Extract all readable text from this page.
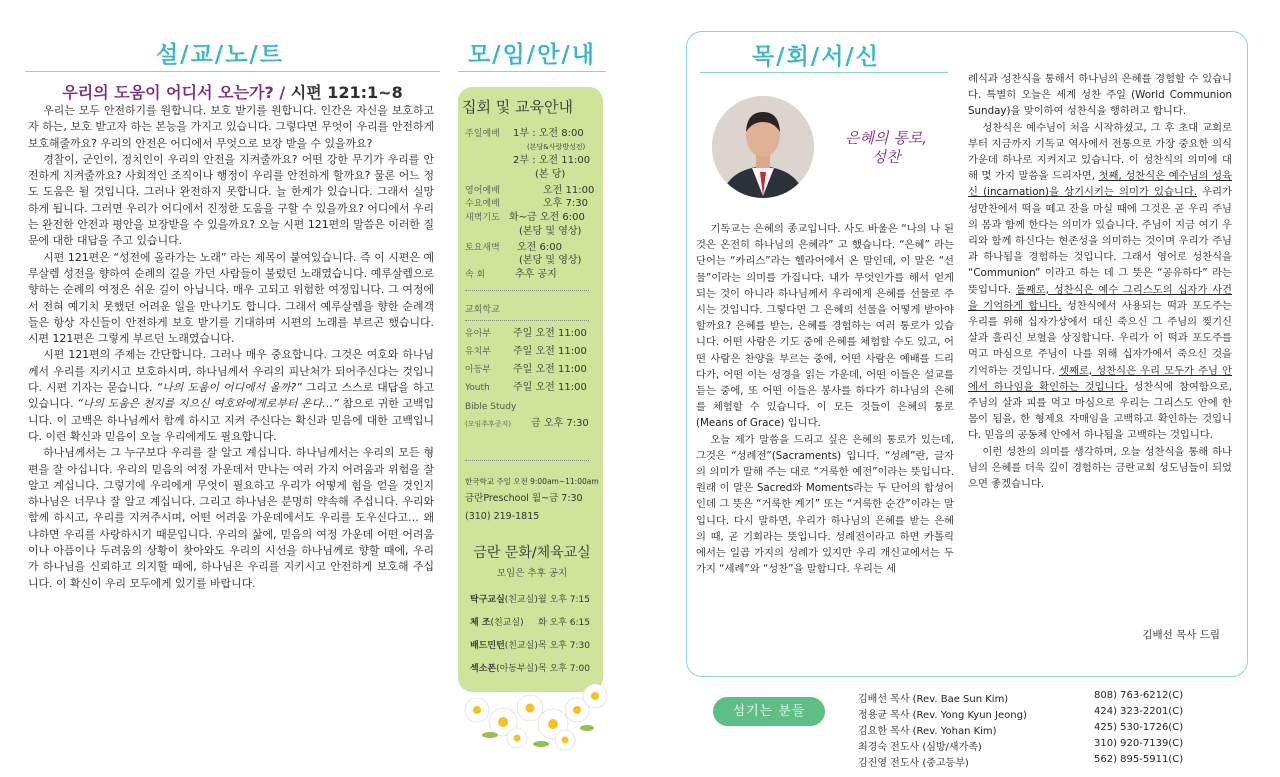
설/교/노/트
우리의 도움이 어디서 오는가? / 시편 121:1~8

우리는 모두 안전하기를 원합니다. 보호 받기를 원합니다. 인간은 자신을 보호하고자 하는, 보호 받고자 하는 본능을 가지고 있습니다. 그렇다면 무엇이 우리를 안전하게 보호해줄까요? 우리의 안전은 어디에서 무엇으로 보장 받을 수 있을까요?

경찰이, 군인이, 정치인이 우리의 안전을 지켜줄까요? 어떤 강한 무기가 우리를 안전하게 지켜줄까요? 사회적인 조직이나 행정이 우리를 안전하게 할까요? 물론 어느 정도 도움은 될 것입니다. 그러나 완전하지 못합니다. 늘 한계가 있습니다. 그래서 실망하게 됩니다. 그러면 우리가 어디에서 진정한 도움을 구할 수 있을까요? 어디에서 우리는 완전한 안전과 평안을 보장받을 수 있을까요? 오늘 시편 121편의 말씀은 이러한 질문에 대한 대답을 주고 있습니다.

시편 121편은 “성전에 올라가는 노래” 라는 제목이 붙여있습니다. 즉 이 시편은 예루살렘 성전을 향하여 순례의 길을 가던 사람들이 불렀던 노래였습니다. 예루살렘으로 향하는 순례의 여정은 쉬운 길이 아닙니다. 매우 고되고 위험한 여정입니다. 그 여정에서 전혀 예기치 못했던 어려운 일을 만나기도 합니다. 그래서 예루살렘을 향한 순례객들은 항상 자신들이 안전하게 보호 받기를 기대하며 시편의 노래를 부르곤 했습니다. 시편 121편은 그렇게 부르던 노래였습니다.

시편 121편의 주제는 간단합니다. 그러나 매우 중요합니다. 그것은 여호와 하나님께서 우리를 지키시고 보호하시며, 하나님께서 우리의 피난처가 되어주신다는 것입니다. 시편 기자는 묻습니다. “나의 도움이 어디에서 올까?” 그리고 스스로 대답을 하고 있습니다. “나의 도움은 천지를 지으신 여호와에게로부터 온다…” 참으로 귀한 고백입니다. 이 고백은 하나님께서 함께 하시고 지켜 주신다는 확신과 믿음에 대한 고백입니다. 이런 확신과 믿음이 오늘 우리에게도 필요합니다.

하나님께서는 그 누구보다 우리를 잘 알고 계십니다. 하나님께서는 우리의 모든 형편을 잘 아십니다. 우리의 믿음의 여정 가운데서 만나는 여러 가지 어려움과 위험을 잘 알고 계십니다. 그렇기에 우리에게 무엇이 필요하고 우리가 어떻게 힘을 얻을 것인지 하나님은 너무나 잘 알고 계십니다. 그리고 하나님은 분명히 약속해 주십니다. 우리와 함께 하시고, 우리를 지켜주시며, 어떤 어려움 가운데에서도 우리를 도우신다고… 왜냐하면 우리를 사랑하시기 때문입니다. 우리의 삶에, 믿음의 여정 가운데 어떤 어려움이나 아픔이나 두려움의 상황이 찾아와도 우리의 시선을 하나님께로 향할 때에, 우리가 하나님을 신뢰하고 의지할 때에, 하나님은 우리를 지키시고 안전하게 보호해 주십니다. 이 확신이 우리 모두에게 있기를 바랍니다.

모/임/안/내
집회 및 교육안내
주일예배 1부 : 오전 8:00
(본당&사랑방성전)
2부 : 오전 11:00
(본 당)
영어예배	오전 11:00
수요예배	오후 7:30
새벽기도 화~금 오전 6:00
(본당 및 영상)
토요새벽 오전 6:00
(본당 및 영상)
속 회	추후 공지
교회학교
유아부 주일 오전 11:00
유치부 주일 오전 11:00
아동부 주일 오전 11:00
Youth 주일 오전 11:00
Bible Study
(모임추후공지) 금 오후 7:30
한국학교 주일 오전 9:00am~11:00am
금란Preschool 월~금 7:30
(310) 219-1815
금란 문화/체육교실
모임은 추후 공지
탁구교실(친교실) 월 오후 7:15
체 조(친교실) 화 오후 6:15
배드민턴(친교실) 목 오후 7:30
섹소폰(아동부실) 목 오후 7:00
목/회/서/신
은혜의 통로,
성찬

기독교는 은혜의 종교입니다. 사도 바울은 “나의 나 된 것은 온전히 하나님의 은혜라” 고 했습니다. “은혜” 라는 단어는 “카리스”라는 헬라어에서 온 말인데, 이 말은 “선물”이라는 의미를 가집니다. 내가 무엇인가를 해서 얻게 되는 것이 아니라 하나님께서 우리에게 은혜를 선물로 주시는 것입니다. 그렇다면 그 은혜의 선물을 어떻게 받아야 할까요? 은혜를 받는, 은혜를 경험하는 여러 통로가 있습니다. 어떤 사람은 기도 중에 은혜를 체험할 수도 있고, 어떤 사람은 찬양을 부르는 중에, 어떤 사람은 예배를 드리다가, 어떤 이는 성경을 읽는 가운데, 어떤 이들은 설교를 듣는 중에, 또 어떤 이들은 봉사를 하다가 하나님의 은혜를 체험할 수 있습니다. 이 모든 것들이 은혜의 통로 (Means of Grace) 입니다.

오늘 제가 말씀을 드리고 싶은 은혜의 통로가 있는데, 그것은 “성례전”(Sacraments) 입니다. “성례”란, 글자의 의미가 말해 주는 대로 “거룩한 예전”이라는 뜻입니다. 원래 이 말은 Sacred와 Moments라는 두 단어의 합성어인데 그 뜻은 “거룩한 계기” 또는 “거룩한 순간”이라는 말입니다. 다시 말하면, 우리가 하나님의 은혜를 받는 은혜의 때, 곧 기회라는 뜻입니다. 성례전이라고 하면 카톨릭에서는 일곱 가지의 성례가 있지만 우리 개신교에서는 두 가지 “세례”와 “성찬”을 말합니다. 우리는 세

례식과 성찬식을 통해서 하나님의 은혜를 경험할 수 있습니다. 특별히 오늘은 세계 성찬 주일 (World Communion Sunday)을 맞이하여 성찬식을 행하려고 합니다.

성찬식은 예수님이 처음 시작하셨고, 그 후 초대 교회로부터 지금까지 기독교 역사에서 전통으로 가장 중요한 의식 가운데 하나로 지켜지고 있습니다. 이 성찬식의 의미에 대해 몇 가지 말씀을 드리자면, 첫째, 성찬식은 예수님의 성육신 (incarnation)을 상기시키는 의미가 있습니다. 우리가 성만찬에서 떡을 떼고 잔을 마실 때에 그것은 곧 우리 주님의 몸과 함께 한다는 의미가 있습니다. 주님이 지금 여기 우리와 함께 하신다는 현존성을 의미하는 것이며 우리가 주님과 하나됨을 경험하는 것입니다. 그래서 영어로 성찬식을 “Communion” 이라고 하는 데 그 뜻은 “공유하다” 라는 뜻입니다. 둘째로, 성찬식은 예수 그리스도의 십자가 사건을 기억하게 합니다. 성찬식에서 사용되는 떡과 포도주는 우리를 위해 십자가상에서 대신 죽으신 그 주님의 찢기신 살과 흘리신 보혈을 상징합니다. 우리가 이 떡과 포도주를 먹고 마심으로 주님이 나를 위해 십자가에서 죽으신 것을 기억하는 것입니다. 셋째로, 성찬식은 우리 모두가 주님 안에서 하나임을 확인하는 것입니다. 성찬식에 참여함으로, 주님의 살과 피를 먹고 마심으로 우리는 그리스도 안에 한 몸이 됨을, 한 형제요 자매임을 고백하고 확인하는 것입니다. 믿음의 공동체 안에서 하나됨을 고백하는 것입니다.

이런 성찬의 의미를 생각하며, 오늘 성찬식을 통해 하나님의 은혜를 더욱 깊이 경험하는 금란교회 성도님들이 되었으면 좋겠습니다.

김배선 목사 드림
섬기는 분들
김배선 목사 (Rev. Bae Sun Kim)	808) 763-6212(C)
정용균 목사 (Rev. Yong Kyun Jeong)	424) 323-2201(C)
김요한 목사 (Rev. Yohan Kim)	425) 530-1726(C)
최경숙 전도사 (심방/새가족)	310) 920-7139(C)
김진영 전도사 (중고등부)	562) 895-5911(C)
